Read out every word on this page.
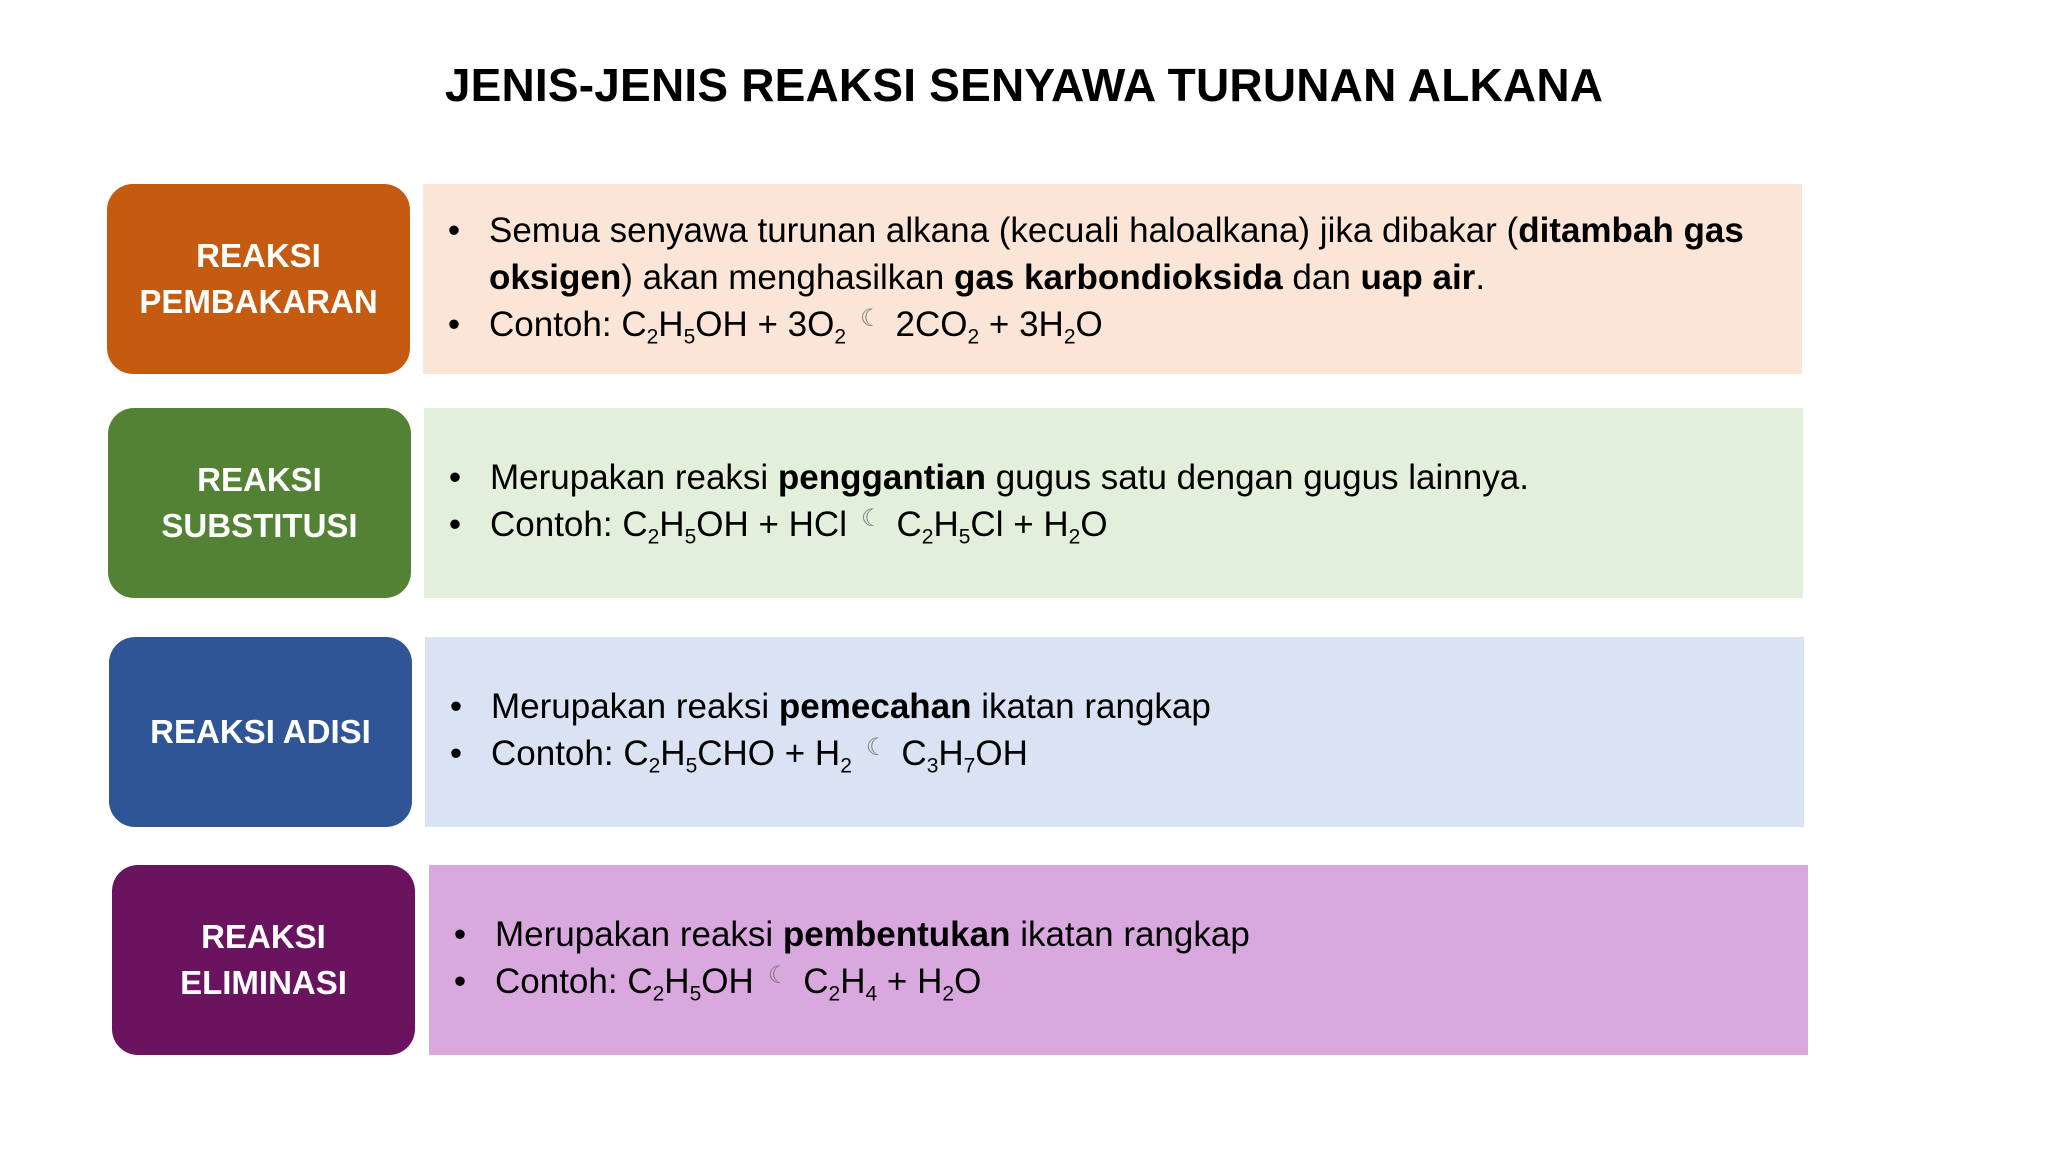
JENIS-JENIS REAKSI SENYAWA TURUNAN ALKANA
REAKSI
PEMBAKARAN
• Semua senyawa turunan alkana (kecuali haloalkana) jika dibakar (ditambah gas oksigen) akan menghasilkan gas karbondioksida dan uap air.
• Contoh: $C_2H_5OH + 3O_2^☾$ $2CO_2 + 3H_2O$
REAKSI
SUBSTITUSI
• Merupakan reaksi penggantian gugus satu dengan gugus lainnya.
• Contoh: $C_2H_5OH$ + HCl ☾ $C_2H_5Cl + H_2O$
REAKSI ADISI
• Merupakan reaksi pemecahan ikatan rangkap
• Contoh: $C_2H_5CHO + H_2^☾$ $C_3H_7OH$
REAKSI
ELIMINASI
• Merupakan reaksi pembentukan ikatan rangkap
• Contoh: $C_2H_5OH$ ☾ $C_2H_4 + H_2O$
